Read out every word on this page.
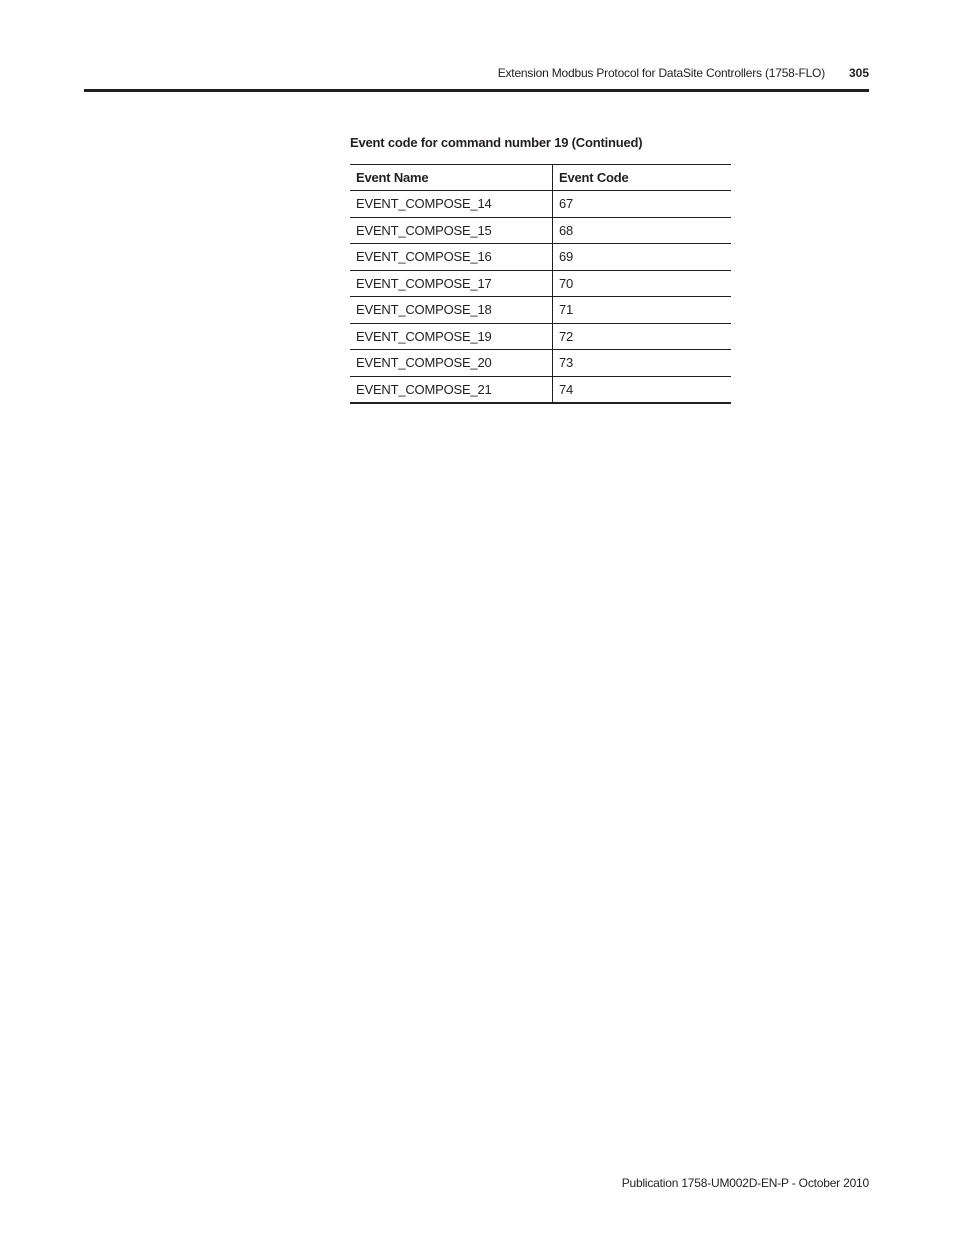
Extension Modbus Protocol for DataSite Controllers (1758-FLO) 305
Event code for command number 19 (Continued)
Event Name	Event Code
EVENT_COMPOSE_14	67
EVENT_COMPOSE_15	68
EVENT_COMPOSE_16	69
EVENT_COMPOSE_17	70
EVENT_COMPOSE_18	71
EVENT_COMPOSE_19	72
EVENT_COMPOSE_20	73
EVENT_COMPOSE_21	74
Publication 1758-UM002D-EN-P - October 2010
